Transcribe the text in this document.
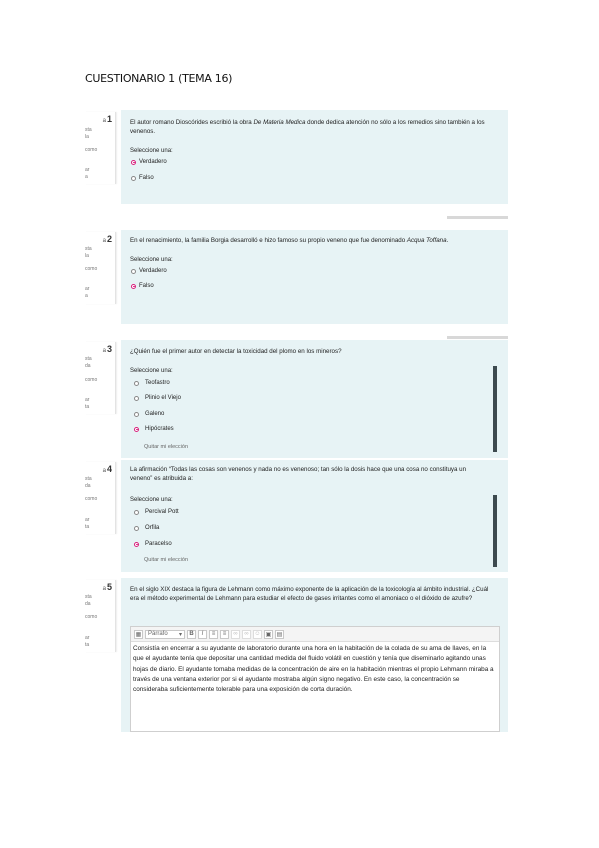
CUESTIONARIO 1 (TEMA 16)
a1
sta
la
como
ar
a
El autor romano Dioscórides escribió la obra De Materia Medica donde dedica atención no sólo a los remedios sino también a los venenos.
Seleccione una:
Verdadero
Falso
a2
sta
la
como
ar
a
En el renacimiento, la familia Borgia desarrolló e hizo famoso su propio veneno que fue denominado Acqua Toffana.
Seleccione una:
Verdadero
Falso
a3
sta
da
como
ar
ta
¿Quién fue el primer autor en detectar la toxicidad del plomo en los mineros?
Seleccione una:
Teofastro
Plinio el Viejo
Galeno
Hipócrates
Quitar mi elección
a4
sta
da
como
ar
ta
La afirmación “Todas las cosas son venenos y nada no es venenoso; tan sólo la dosis hace que una cosa no constituya un veneno” es atribuida a:
Seleccione una:
Percival Pott
Orfila
Paracelso
Quitar mi elección
a5
sta
da
como
ar
ta
En el siglo XIX destaca la figura de Lehmann como máximo exponente de la aplicación de la toxicología al ámbito industrial. ¿Cuál era el método experimental de Lehmann para estudiar el efecto de gases irritantes como el amoniaco o el dióxido de azufre?
▦ Párrafo ▾	B	I	≡	≡	∞	∞ ☺ ▣ ▤
Consistía en encerrar a su ayudante de laboratorio durante una hora en la habitación de la colada de su ama de llaves, en la que el ayudante tenía que depositar una cantidad medida del fluido volátil en cuestión y tenía que diseminarlo agitando unas hojas de diario. El ayudante tomaba medidas de la concentración de aire en la habitación mientras el propio Lehmann miraba a través de una ventana exterior por si el ayudante mostraba algún signo negativo. En este caso, la concentración se consideraba suficientemente tolerable para una exposición de corta duración.
